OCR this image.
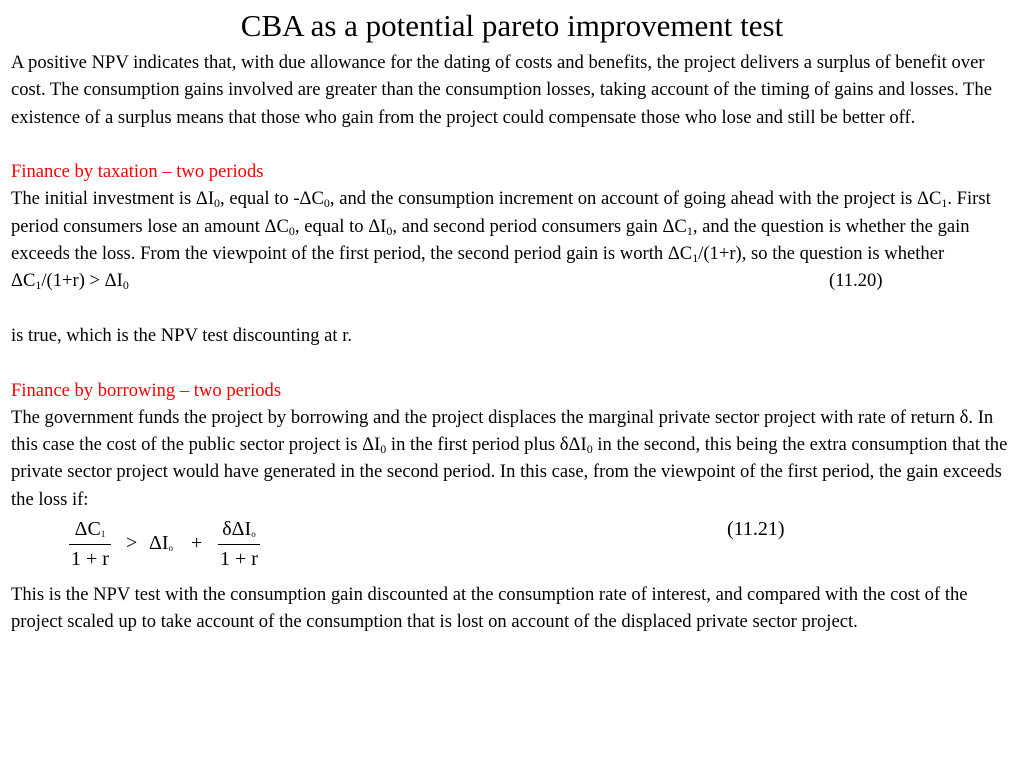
CBA as a potential pareto improvement test

A positive NPV indicates that, with due allowance for the dating of costs and benefits, the project delivers a surplus of benefit over cost. The consumption gains involved are greater than the consumption losses, taking account of the timing of gains and losses. The existence of a surplus means that those who gain from the project could compensate those who lose and still be better off.

Finance by taxation – two periods

The initial investment is $\Delta I_0$, equal to $-\Delta C_0$, and the consumption increment on account of going ahead with the project is $\Delta C_1$. First period consumers lose an amount $\Delta C_0$, equal to $\Delta I_0$, and second period consumers gain $\Delta C_1$, and the question is whether the gain exceeds the loss. From the viewpoint of the first period, the second period gain is worth $\Delta C_1/(1+r)$, so the question is whether

$\Delta C_1/(1+r) > \Delta I_0$	(11.20)

is true, which is the NPV test discounting at r.

Finance by borrowing – two periods

The government funds the project by borrowing and the project displaces the marginal private sector project with rate of return δ. In this case the cost of the public sector project is $\Delta I_0$ in the first period plus δΔI$_0$ in the second, this being the extra consumption that the private sector project would have generated in the second period. In this case, from the viewpoint of the first period, the gain exceeds the loss if:

ΔC1
1 + r
> ΔIo +
δΔIo
1 + r
(11.21)

This is the NPV test with the consumption gain discounted at the consumption rate of interest, and compared with the cost of the project scaled up to take account of the consumption that is lost on account of the displaced private sector project.
